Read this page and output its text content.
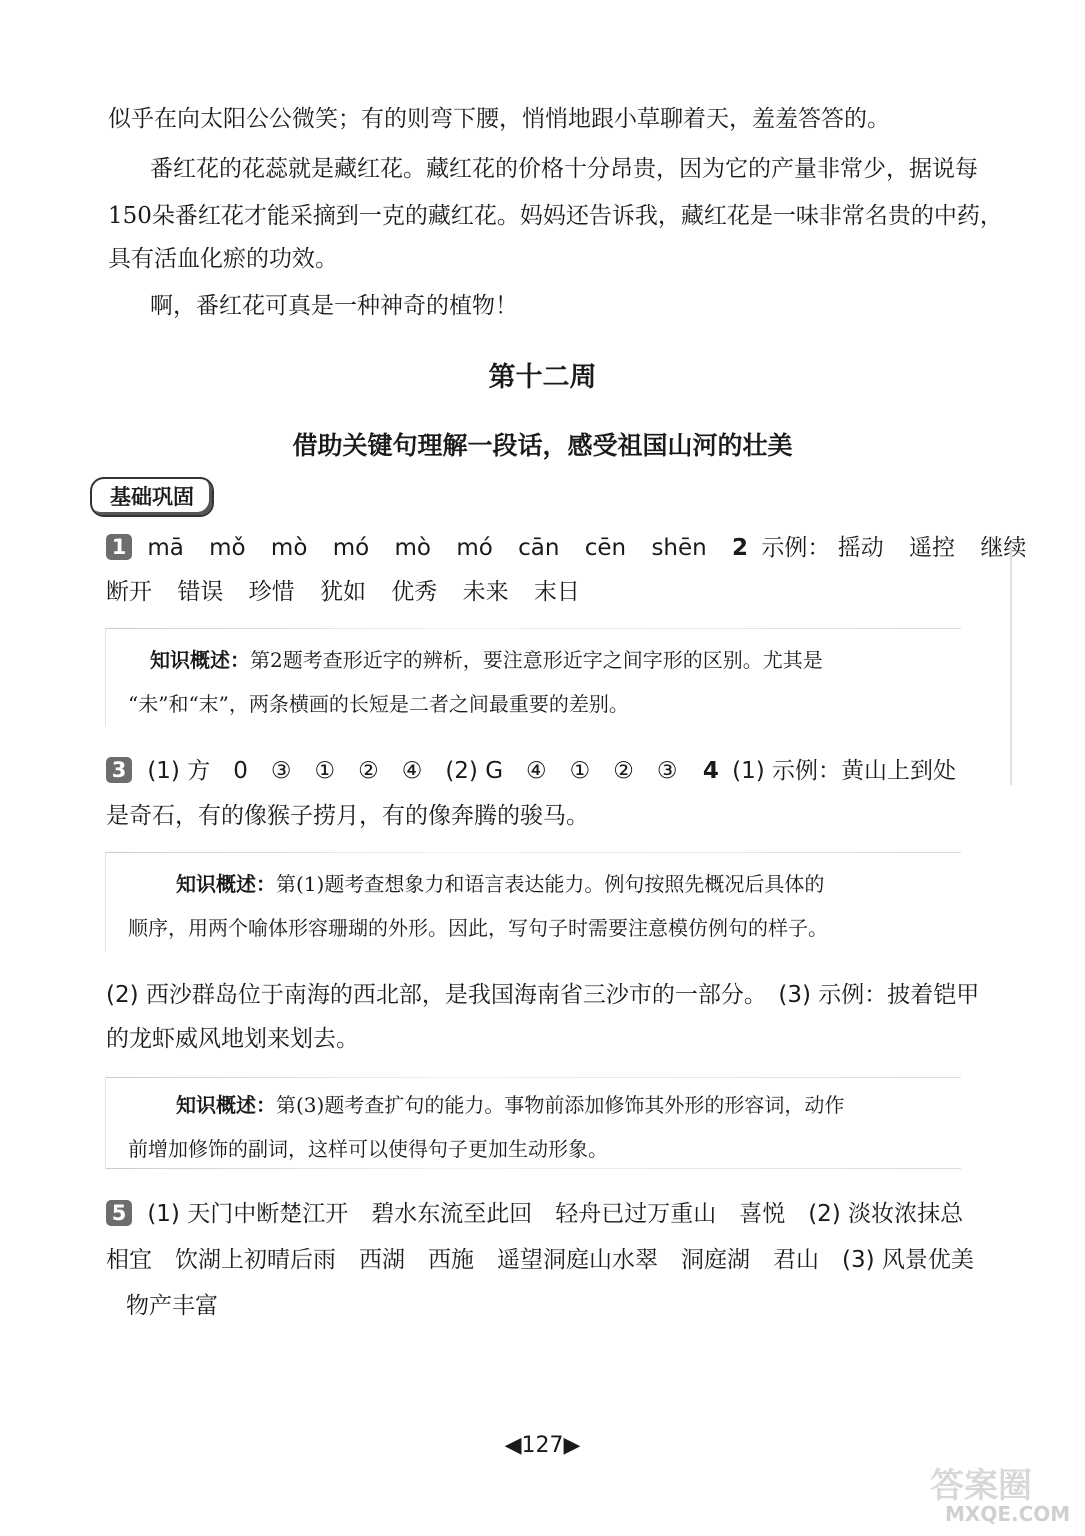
似乎在向太阳公公微笑；有的则弯下腰，悄悄地跟小草聊着天，羞羞答答的。
番红花的花蕊就是藏红花。藏红花的价格十分昂贵，因为它的产量非常少，据说每
150朵番红花才能采摘到一克的藏红花。妈妈还告诉我，藏红花是一味非常名贵的中药，
具有活血化瘀的功效。
啊，番红花可真是一种神奇的植物！
第十二周
借助关键句理解一段话，感受祖国山河的壮美
基础巩固
1 mā mǒ mò mó mò mó cān cēn shēn 2 示例： 摇动 遥控 继续
断开 错误 珍惜 犹如 优秀 未来 末日
知识概述：第2题考查形近字的辨析，要注意形近字之间字形的区别。尤其是
“未”和“末”，两条横画的长短是二者之间最重要的差别。
3 (1) 方　0　③　①　②　④　(2) G　④　①　②　③ 4 (1) 示例：黄山上到处
是奇石，有的像猴子捞月，有的像奔腾的骏马。
知识概述：第(1)题考查想象力和语言表达能力。例句按照先概况后具体的
顺序，用两个喻体形容珊瑚的外形。因此，写句子时需要注意模仿例句的样子。
(2) 西沙群岛位于南海的西北部，是我国海南省三沙市的一部分。　(3) 示例：披着铠甲
的龙虾威风地划来划去。
知识概述：第(3)题考查扩句的能力。事物前添加修饰其外形的形容词，动作
前增加修饰的副词，这样可以使得句子更加生动形象。
5 (1) 天门中断楚江开　碧水东流至此回　轻舟已过万重山　喜悦　(2) 淡妆浓抹总
相宜　饮湖上初晴后雨　西湖　西施　遥望洞庭山水翠　洞庭湖　君山　(3) 风景优美
物产丰富
◀127▶
答案圈
MXQE.COM
